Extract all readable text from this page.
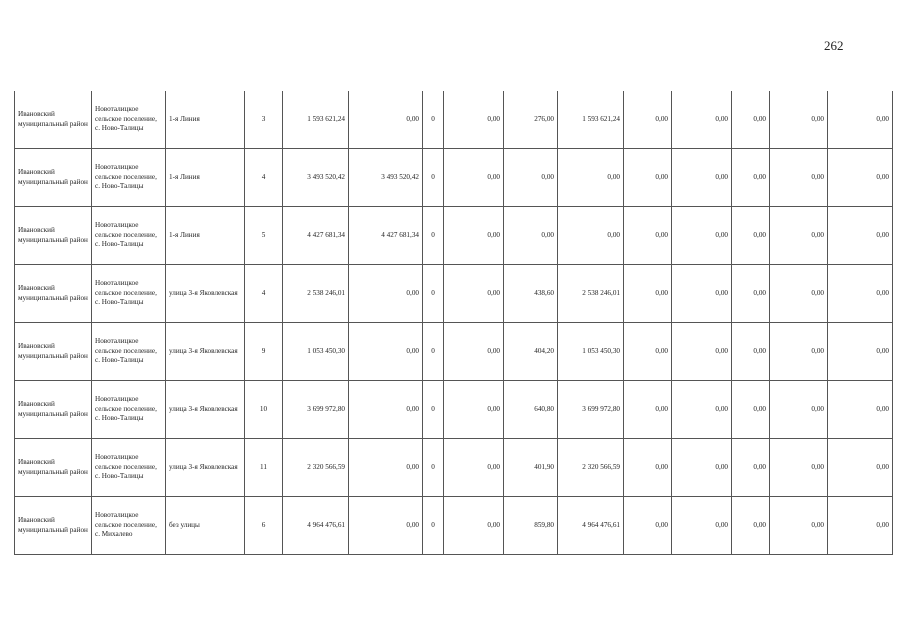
262
Ивановский муниципальный район	Новоталицкое сельское поселение, с. Ново-Талицы	1-я Линия	3	1 593 621,24	0,00	0	0,00	276,00	1 593 621,24	0,00	0,00	0,00	0,00	0,00
Ивановский муниципальный район	Новоталицкое сельское поселение, с. Ново-Талицы	1-я Линия	4	3 493 520,42	3 493 520,42	0	0,00	0,00	0,00	0,00	0,00	0,00	0,00	0,00
Ивановский муниципальный район	Новоталицкое сельское поселение, с. Ново-Талицы	1-я Линия	5	4 427 681,34	4 427 681,34	0	0,00	0,00	0,00	0,00	0,00	0,00	0,00	0,00
Ивановский муниципальный район	Новоталицкое сельское поселение, с. Ново-Талицы	улица 3-я Яковлевская	4	2 538 246,01	0,00	0	0,00	438,60	2 538 246,01	0,00	0,00	0,00	0,00	0,00
Ивановский муниципальный район	Новоталицкое сельское поселение, с. Ново-Талицы	улица 3-я Яковлевская	9	1 053 450,30	0,00	0	0,00	404,20	1 053 450,30	0,00	0,00	0,00	0,00	0,00
Ивановский муниципальный район	Новоталицкое сельское поселение, с. Ново-Талицы	улица 3-я Яковлевская	10	3 699 972,80	0,00	0	0,00	640,80	3 699 972,80	0,00	0,00	0,00	0,00	0,00
Ивановский муниципальный район	Новоталицкое сельское поселение, с. Ново-Талицы	улица 3-я Яковлевская	11	2 320 566,59	0,00	0	0,00	401,90	2 320 566,59	0,00	0,00	0,00	0,00	0,00
Ивановский муниципальный район	Новоталицкое сельское поселение, с. Михалево	без улицы	6	4 964 476,61	0,00	0	0,00	859,80	4 964 476,61	0,00	0,00	0,00	0,00	0,00
